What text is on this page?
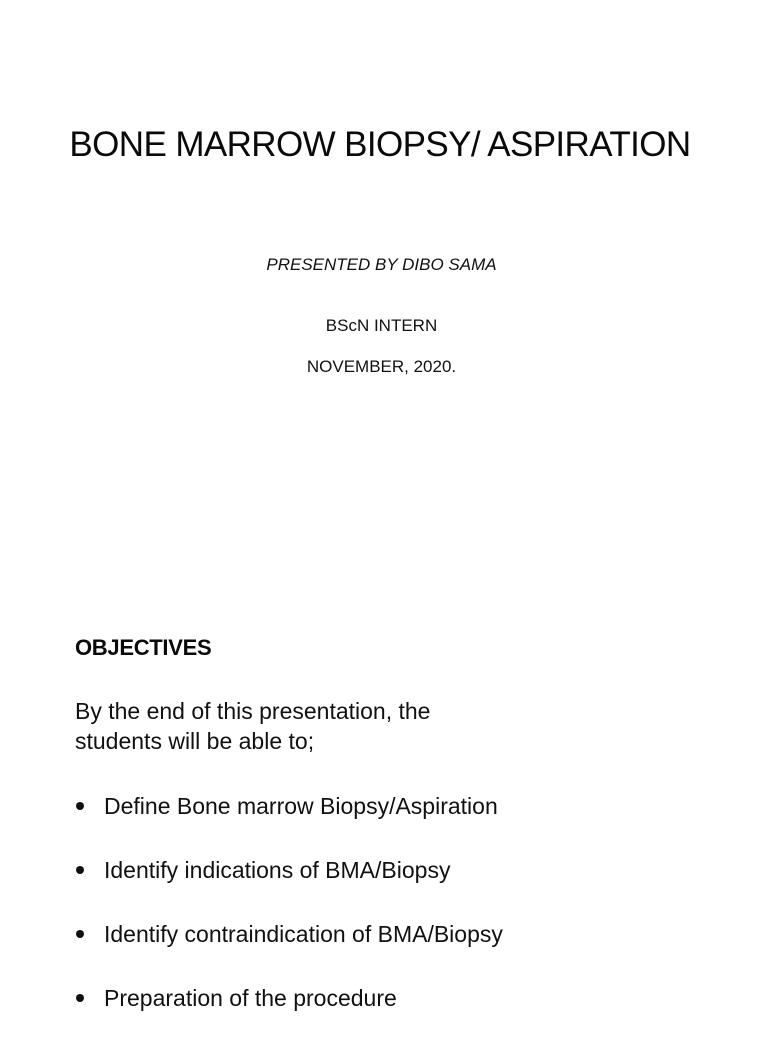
BONE MARROW BIOPSY/ ASPIRATION
PRESENTED BY DIBO SAMA
BScN INTERN
NOVEMBER, 2020.
OBJECTIVES
By the end of this presentation, the students will be able to;
Define Bone marrow Biopsy/Aspiration
Identify indications of BMA/Biopsy
Identify contraindication of BMA/Biopsy
Preparation of the procedure
